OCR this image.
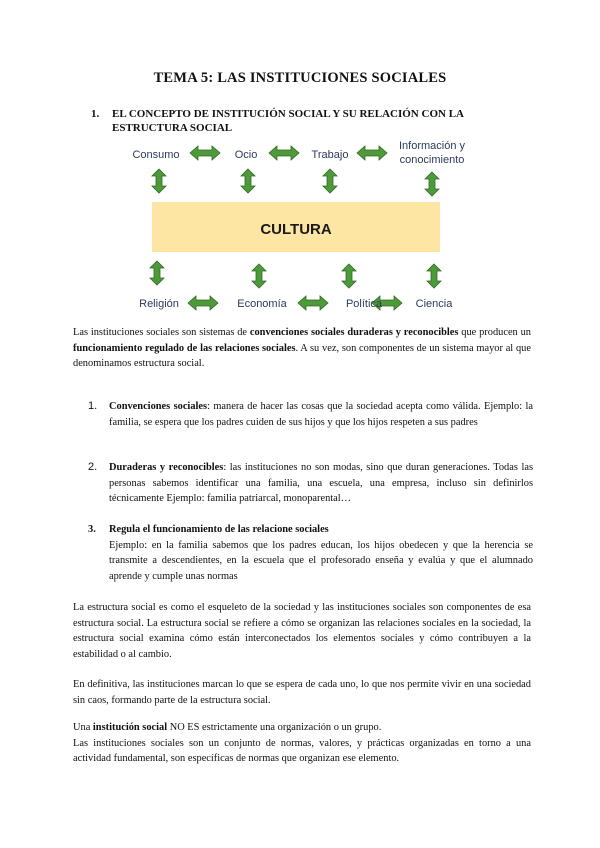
TEMA 5: LAS INSTITUCIONES SOCIALES
1. EL CONCEPTO DE INSTITUCIÓN SOCIAL Y SU RELACIÓN CON LA ESTRUCTURA SOCIAL
Consumo	Ocio	Trabajo
Información y
conocimiento
CULTURA
Religión	Economía	Política	Ciencia
Las instituciones sociales son sistemas de convenciones sociales duraderas y reconocibles que producen un funcionamiento regulado de las relaciones sociales. A su vez, son componentes de un sistema mayor al que denominamos estructura social.
1. Convenciones sociales: manera de hacer las cosas que la sociedad acepta como válida. Ejemplo: la familia, se espera que los padres cuiden de sus hijos y que los hijos respeten a sus padres
2. Duraderas y reconocibles: las instituciones no son modas, sino que duran generaciones. Todas las personas sabemos identificar una familia, una escuela, una empresa, incluso sin definirlos técnicamente Ejemplo: familia patriarcal, monoparental…
3. Regula el funcionamiento de las relacione sociales
Ejemplo: en la familia sabemos que los padres educan, los hijos obedecen y que la herencia se transmite a descendientes, en la escuela que el profesorado enseña y evalúa y que el alumnado aprende y cumple unas normas
La estructura social es como el esqueleto de la sociedad y las instituciones sociales son componentes de esa estructura social. La estructura social se refiere a cómo se organizan las relaciones sociales en la sociedad, la estructura social examina cómo están interconectados los elementos sociales y cómo contribuyen a la estabilidad o al cambio.
En definitiva, las instituciones marcan lo que se espera de cada uno, lo que nos permite vivir en una sociedad sin caos, formando parte de la estructura social.
Una institución social NO ES estrictamente una organización o un grupo.
Las instituciones sociales son un conjunto de normas, valores, y prácticas organizadas en torno a una actividad fundamental, son específicas de normas que organizan ese elemento.
